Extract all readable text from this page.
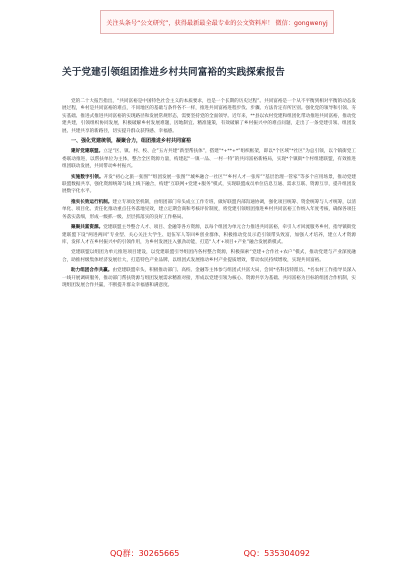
关注头条号“公文研究”，获得最新最全最专业的公文资料库！ 微信：gongwenyj
关于党建引领组团推进乡村共同富裕的实践探索报告

党的二十大报告指出，“共同富裕是中国特色社会主义的本质要求，也是一个长期的历史过程”。共同富裕是一个从不平衡到相对平衡的动态发展过程，乡村是共同富裕的难点，不同地区的基础与条件各不一样，推进共同富裕进程步伐、步骤、方法肯定有所区别。强化党的领导和引领、夯实基础、推进式推进共同富裕的实现路径和发展常规形态，需要坚持党的全面领导。近年来，**县以农村党建和组团化带动推进共同富裕，推动党建共建，引领组织协同发展，积极破解乡村发展难题，因地制宜、精准施策，有效破解了乡村振兴中的难点问题，走出了一条党建引领、组团发展、共建共享的新路径，切实提升群众获得感、幸福感。

一、强化党建统领，凝聚合力，组团推进乡村共同富裕

建好党建联盟。立足“区、镇、村、校、企”五方共建“新型帮扶体”，搭建“*+**+*”组织框架，即以*个区域“*社区”为总引领，以个镇街党工委联动推进，以帮扶单位为主体，整合全区资源力量，构建起“一镇一品、一村一特”的共同富裕新格局，实现*个镇街*个村组建联盟，有效推进组团联动发展，共同带动乡村振兴。

实施数字引领。开发“初心之旅一张图”“组团发展一张图”“城乡融合一社区”“乡村人才一张库”“基层治理一管家”等多个应用场景，推动党建联盟数据共享，强化资源统筹与线上线下融合，构建“互联网+党建+服务”模式，实现联盟成员单位信息互通、需求互联、资源互享，提升组团发展数字化水平。

推实长效运行机制。建立专项攻坚机制，由组团部门牵头成立工作专班，做好联盟内部沟通协调，强化项目统筹、资金统筹与人才统筹，以清单化、项目化、责任化推动重点任务落地见效，建立定期会商和考核评价制度，将党建引领组团推进乡村共同富裕工作纳入年度考核，确保各项任务落实落细，形成一级抓一级、层层抓落实的良好工作格局。

聚聚共富资源。党建联盟主导整合人才、项目、金融等各方资源，以每个组团为单元合力推进共同富裕，牵引人才回流服务乡村，指导镇街党建联盟下设“两进两回”专业型、关心关注大学生、退伍军人等回乡创业群体，积极推动党员示范引领带头致富，加强人才培养，建立人才资源库，发挥人才在乡村振兴中的引领作用，为乡村发展注入强劲动能，打造“人才+项目+产业”融合发展新模式。

党建联盟以组团为单元推进项目建设，以党建联盟引导组团内各村整合资源，积极探索“党建+合作社+农户”模式，推动党建与产业深度融合，助推村级集体经济发展壮大，打造特色产业品牌，以组团式发展推动乡村产业提质增效，带动农民持续增收，实现共同富裕。

助力组团合作共赢。由党建联盟牵头，积极推动部门、高校、金融等主体参与组团式共富大局，会同*名科技特派员、*名农村工作指导员深入一线开展调研服务，推动部门帮扶资源与组团发展需求精准对接，形成以党建引领为核心、资源共享为基础、共同富裕为目标的组团合作机制，实现组团发展合作共赢，不断提升群众幸福感和满意度。

QQ群：30265665	QQ：535304092
